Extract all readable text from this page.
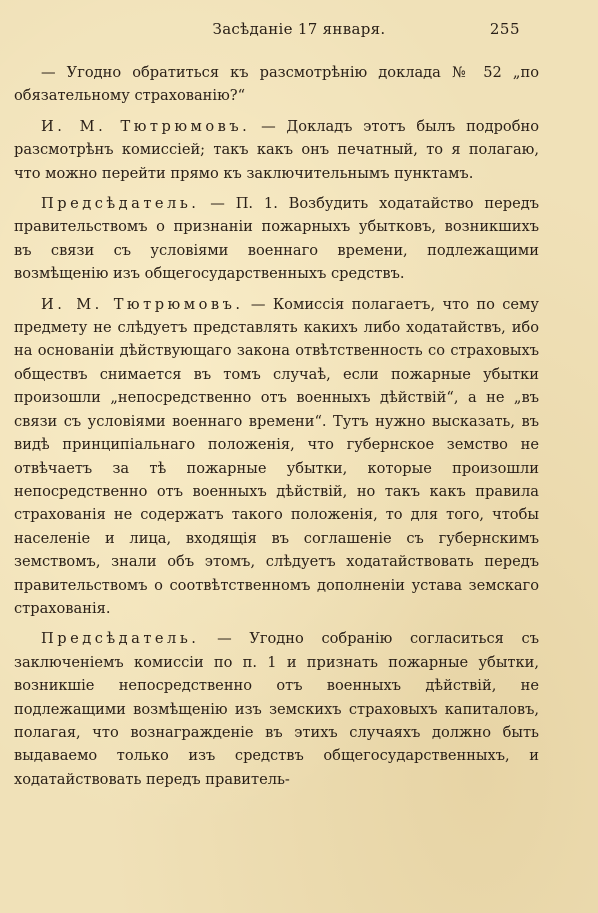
Засѣданіе 17 января.	255

— Угодно обратиться къ разсмотрѣнію доклада № 52 „по обязательному страхованію?“

И. М. Тютрюмовъ. — Докладъ этотъ былъ подробно разсмотрѣнъ комиссіей; такъ какъ онъ печатный, то я полагаю, что можно перейти прямо къ заключительнымъ пунктамъ.

Предсѣдатель. — П. 1. Возбудить ходатайство передъ правительствомъ о признаніи пожарныхъ убытковъ, возникшихъ въ связи съ условіями военнаго времени, подлежащими возмѣщенію изъ общегосударственныхъ средствъ.

И. М. Тютрюмовъ. — Комиссія полагаетъ, что по сему предмету не слѣдуетъ представлять какихъ либо ходатайствъ, ибо на основаніи дѣйствующаго закона отвѣтственность со страховыхъ обществъ снимается въ томъ случаѣ, если пожарные убытки произошли „непосредственно отъ военныхъ дѣйствій“, а не „въ связи съ условіями военнаго времени“. Тутъ нужно высказать, въ видѣ принципіальнаго положенія, что губернское земство не отвѣчаетъ за тѣ пожарные убытки, которые произошли непосредственно отъ военныхъ дѣйствій, но такъ какъ правила страхованія не содержатъ такого положенія, то для того, чтобы населеніе и лица, входящія въ соглашеніе съ губернскимъ земствомъ, знали объ этомъ, слѣдуетъ ходатайствовать передъ правительствомъ о соотвѣтственномъ дополненіи устава земскаго страхованія.

Предсѣдатель. — Угодно собранію согласиться съ заключеніемъ комиссіи по п. 1 и признать пожарные убытки, возникшіе непосредственно отъ военныхъ дѣйствій, не подлежащими возмѣщенію изъ земскихъ страховыхъ капиталовъ, полагая, что вознагражденіе въ этихъ случаяхъ должно быть выдаваемо только изъ средствъ общегосударственныхъ, и ходатайствовать передъ правитель-
